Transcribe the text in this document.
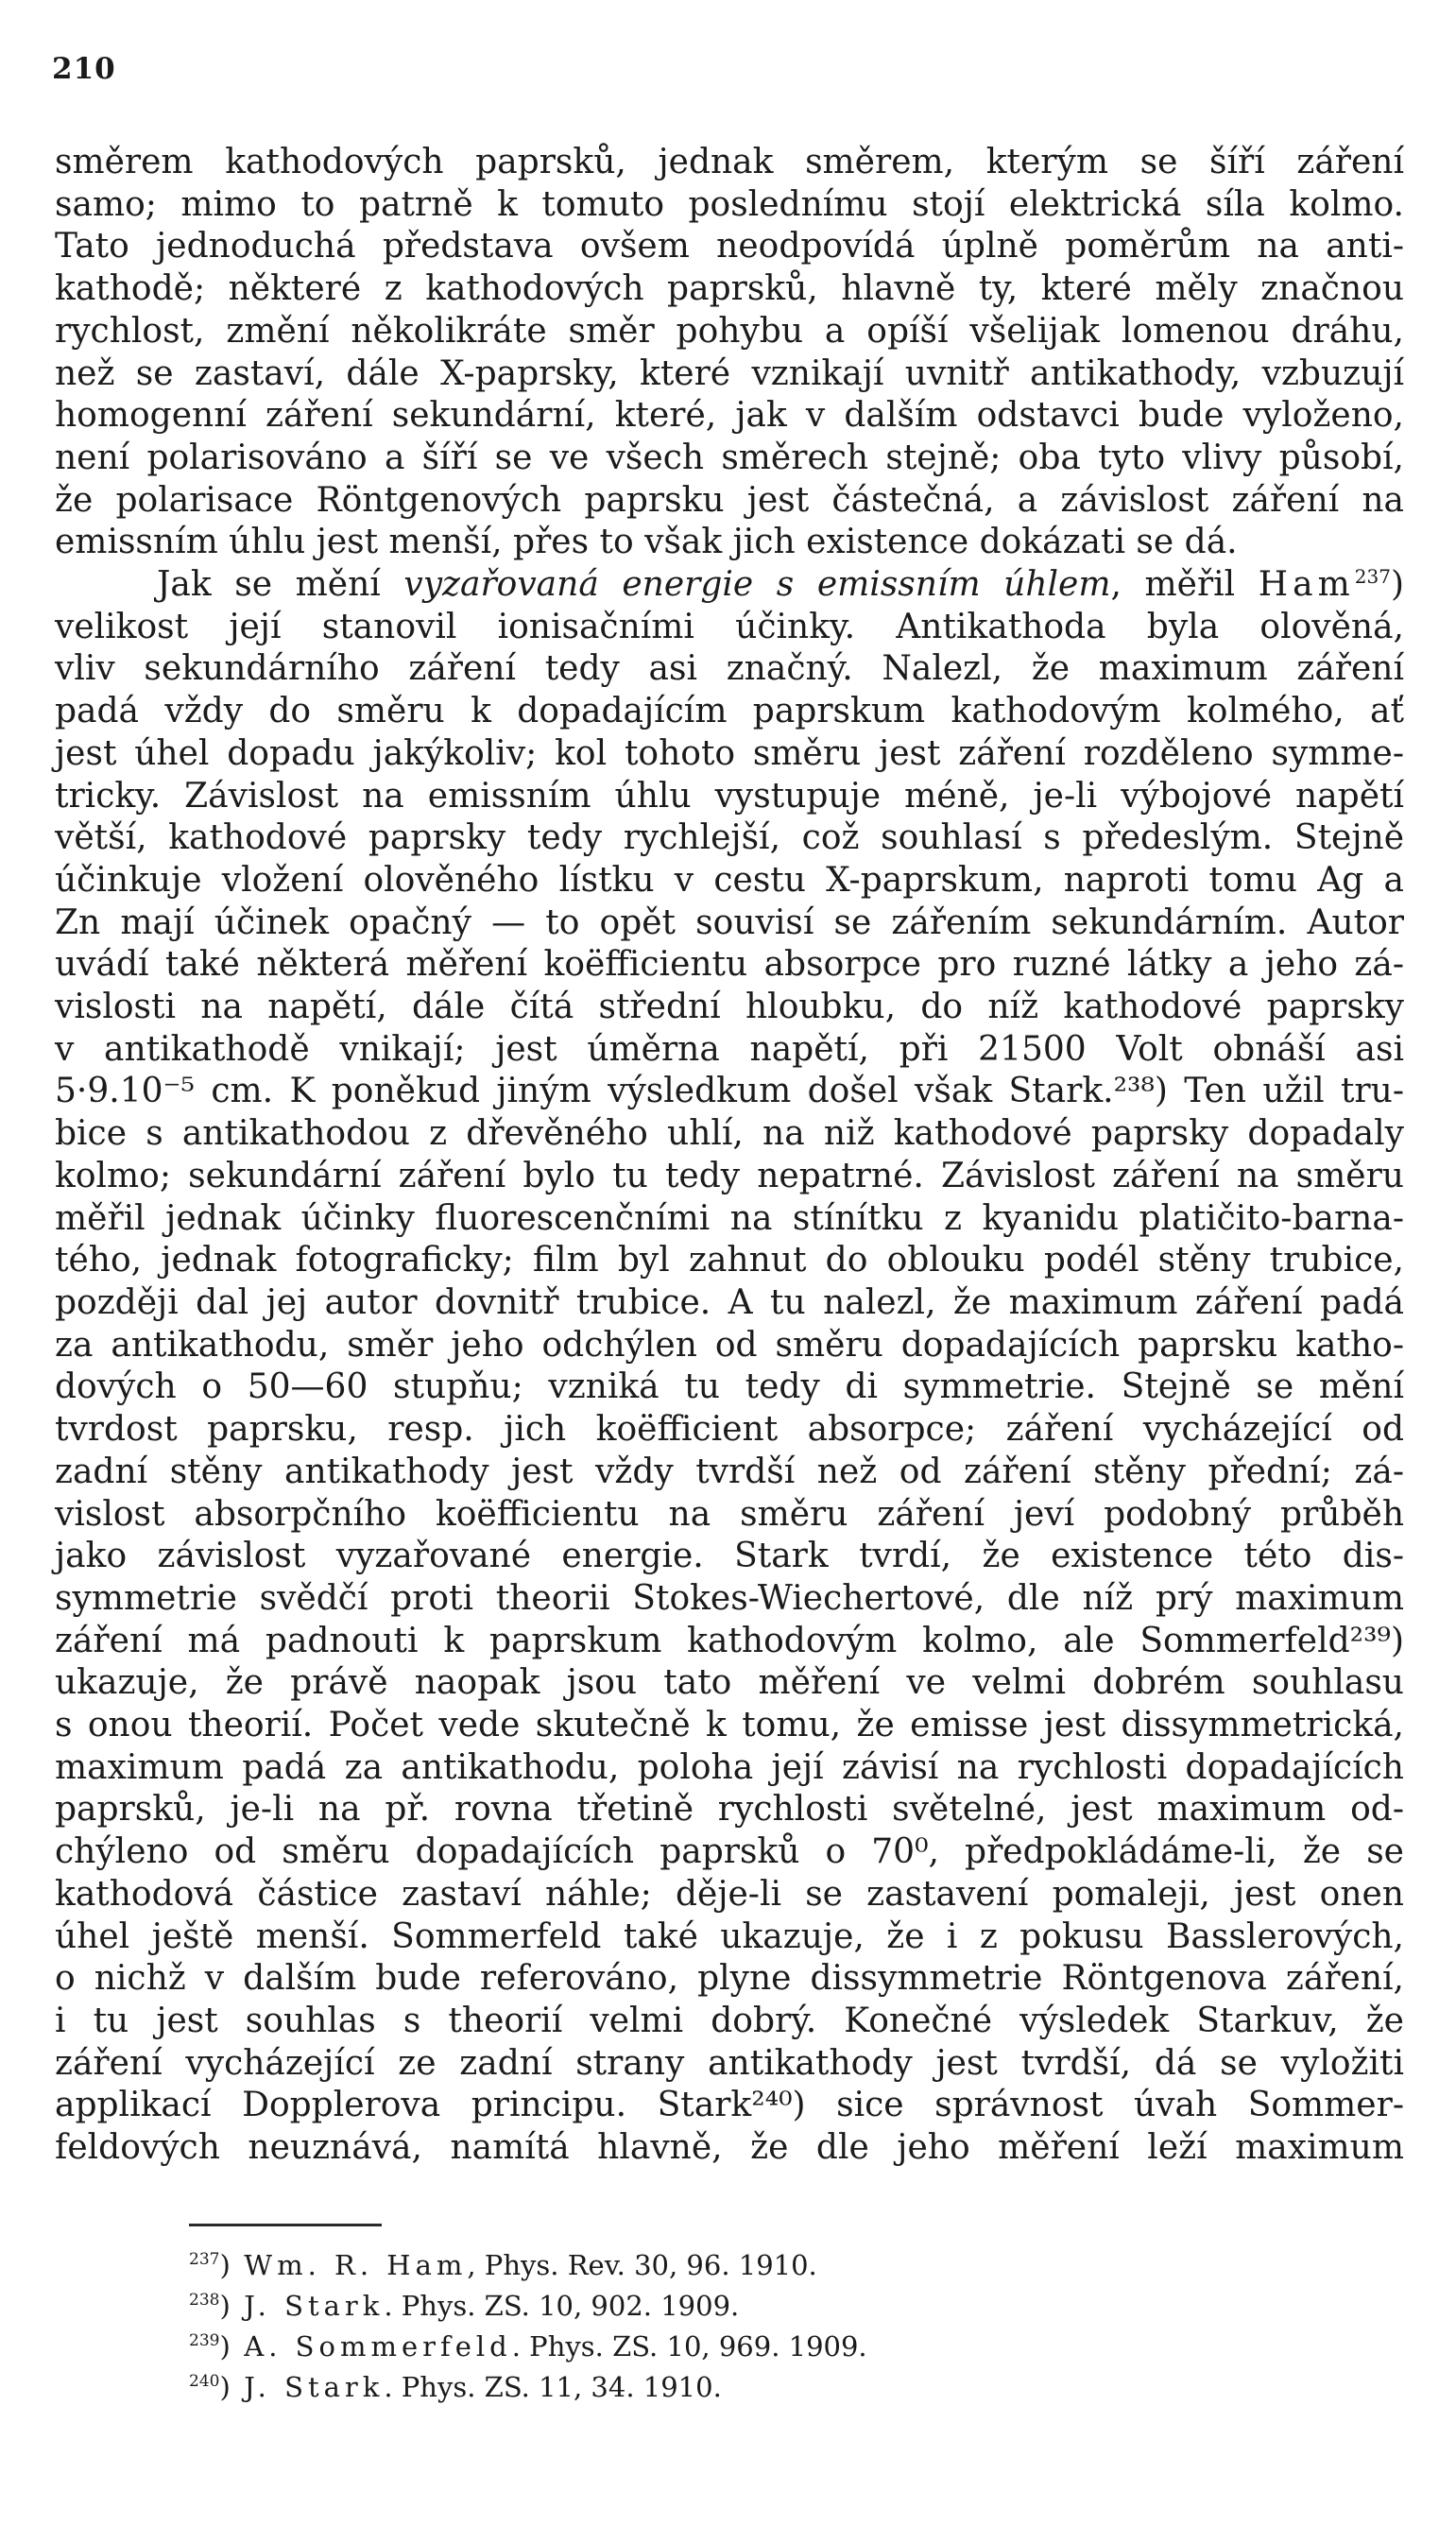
210
směrem kathodových paprsků, jednak směrem, kterým se šíří záření
samo; mimo to patrně k tomuto poslednímu stojí elektrická síla kolmo.
Tato jednoduchá představa ovšem neodpovídá úplně poměrům na anti-
kathodě; některé z kathodových paprsků, hlavně ty, které měly značnou
rychlost, změní několikráte směr pohybu a opíší všelijak lomenou dráhu,
než se zastaví, dále X-paprsky, které vznikají uvnitř antikathody, vzbuzují
homogenní záření sekundární, které, jak v dalším odstavci bude vyloženo,
není polarisováno a šíří se ve všech směrech stejně; oba tyto vlivy působí,
že polarisace Röntgenových paprsku jest částečná, a závislost záření na
emissním úhlu jest menší, přes to však jich existence dokázati se dá.
Jak se mění vyzařovaná energie s emissním úhlem, měřil Ham$^{237}$)
velikost její stanovil ionisačními účinky. Antikathoda byla olověná,
vliv sekundárního záření tedy asi značný. Nalezl, že maximum záření
padá vždy do směru k dopadajícím paprskum kathodovým kolmého, ať
jest úhel dopadu jakýkoliv; kol tohoto směru jest záření rozděleno symme-
tricky. Závislost na emissním úhlu vystupuje méně, je-li výbojové napětí
větší, kathodové paprsky tedy rychlejší, což souhlasí s předeslým. Stejně
účinkuje vložení olověného lístku v cestu X-paprskum, naproti tomu Ag a
Zn mají účinek opačný — to opět souvisí se zářením sekundárním. Autor
uvádí také některá měření koëfficientu absorpce pro ruzné látky a jeho zá-
vislosti na napětí, dále čítá střední hloubku, do níž kathodové paprsky
v antikathodě vnikají; jest úměrna napětí, při 21500 Volt obnáší asi
5·9.10⁻⁵ cm. K poněkud jiným výsledkum došel však Stark.²³⁸) Ten užil tru-
bice s antikathodou z dřevěného uhlí, na niž kathodové paprsky dopadaly
kolmo; sekundární záření bylo tu tedy nepatrné. Závislost záření na směru
měřil jednak účinky fluorescenčními na stínítku z kyanidu platičito-barna-
tého, jednak fotograficky; film byl zahnut do oblouku podél stěny trubice,
později dal jej autor dovnitř trubice. A tu nalezl, že maximum záření padá
za antikathodu, směr jeho odchýlen od směru dopadajících paprsku katho-
dových o 50—60 stupňu; vzniká tu tedy di symmetrie. Stejně se mění
tvrdost paprsku, resp. jich koëfficient absorpce; záření vycházející od
zadní stěny antikathody jest vždy tvrdší než od záření stěny přední; zá-
vislost absorpčního koëfficientu na směru záření jeví podobný průběh
jako závislost vyzařované energie. Stark tvrdí, že existence této dis-
symmetrie svědčí proti theorii Stokes-Wiechertové, dle níž prý maximum
záření má padnouti k paprskum kathodovým kolmo, ale Sommerfeld²³⁹)
ukazuje, že právě naopak jsou tato měření ve velmi dobrém souhlasu
s onou theorií. Počet vede skutečně k tomu, že emisse jest dissymmetrická,
maximum padá za antikathodu, poloha její závisí na rychlosti dopadajících
paprsků, je-li na př. rovna třetině rychlosti světelné, jest maximum od-
chýleno od směru dopadajících paprsků o 70⁰, předpokládáme-li, že se
kathodová částice zastaví náhle; děje-li se zastavení pomaleji, jest onen
úhel ještě menší. Sommerfeld také ukazuje, že i z pokusu Basslerových,
o nichž v dalším bude referováno, plyne dissymmetrie Röntgenova záření,
i tu jest souhlas s theorií velmi dobrý. Konečné výsledek Starkuv, že
záření vycházející ze zadní strany antikathody jest tvrdší, dá se vyložiti
applikací Dopplerova principu. Stark²⁴⁰) sice správnost úvah Sommer-
feldových neuznává, namítá hlavně, že dle jeho měření leží maximum
$^{237}$) Wm. R. Ham, Phys. Rev. 30, 96. 1910.
$^{238}$) J. Stark. Phys. ZS. 10, 902. 1909.
$^{239}$) A. Sommerfeld. Phys. ZS. 10, 969. 1909.
$^{240}$) J. Stark. Phys. ZS. 11, 34. 1910.
